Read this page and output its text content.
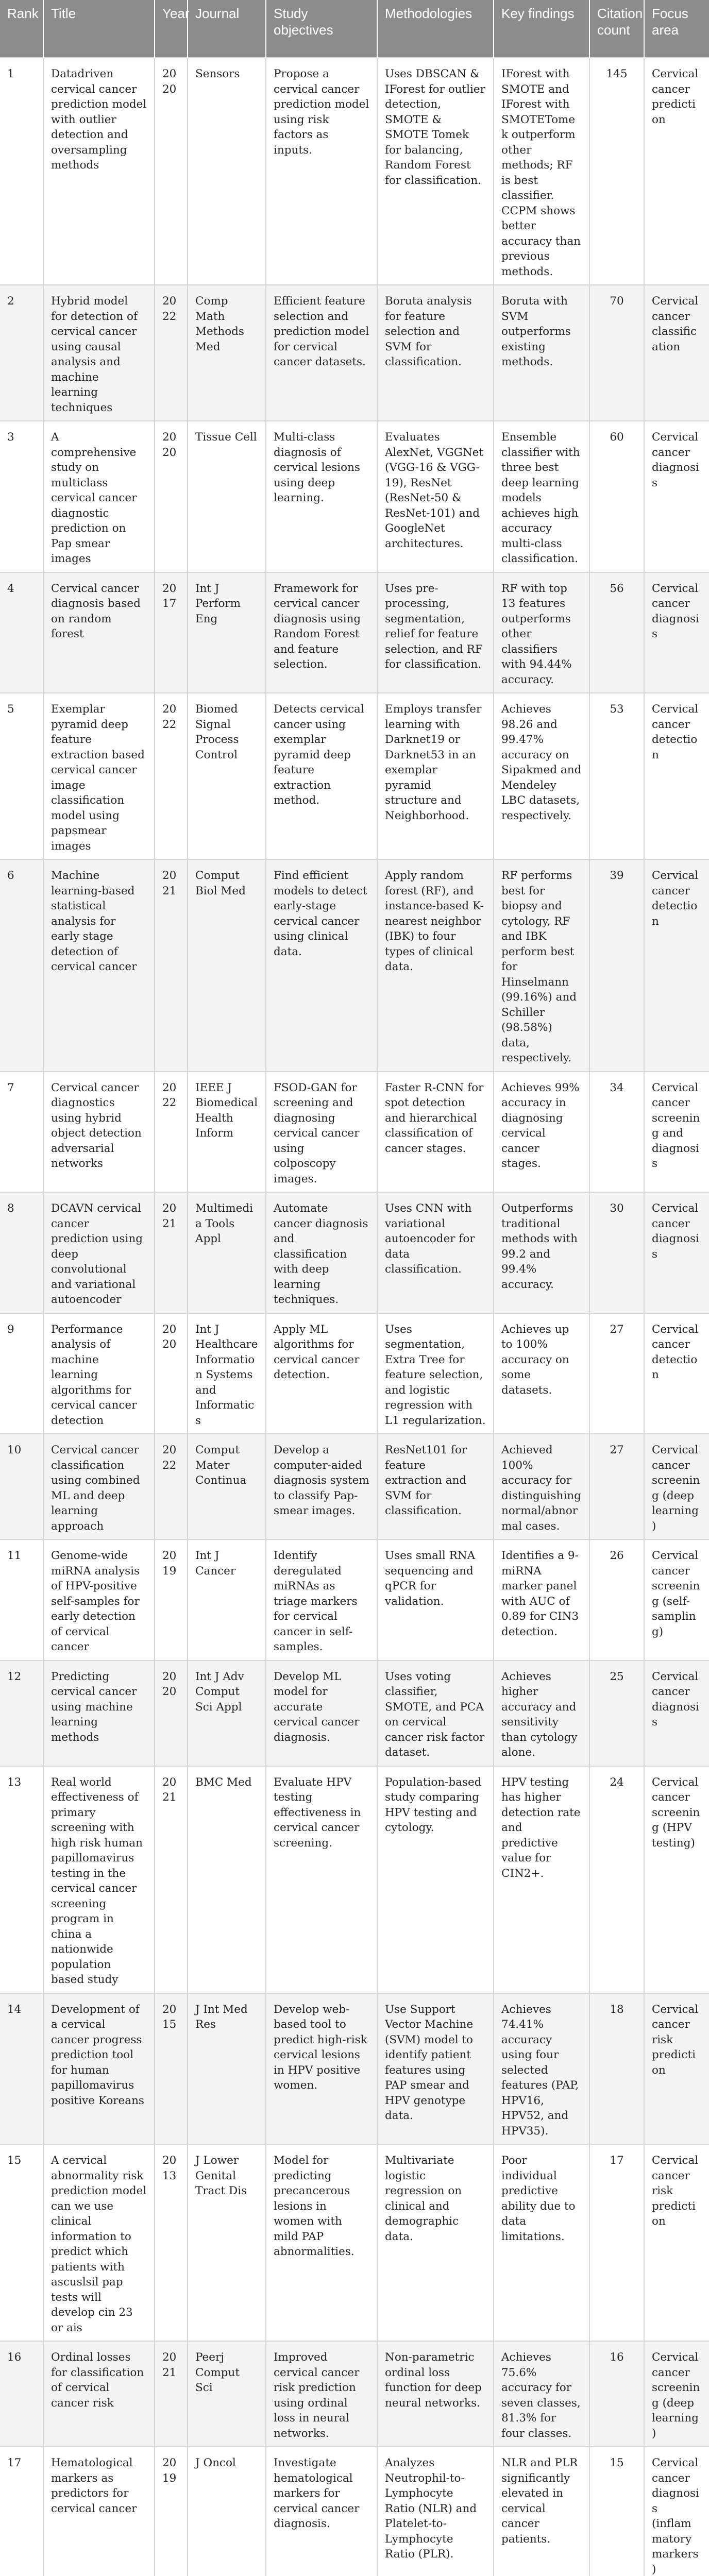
Rank	Title	Year	Journal	Study objectives	Methodologies	Key findings	Citation count	Focus area
1	Datadriven cervical cancer prediction model with outlier detection and oversampling methods	2020	Sensors	Propose a cervical cancer prediction model using risk factors as inputs.	Uses DBSCAN & IForest for outlier detection, SMOTE & SMOTE Tomek for balancing, Random Forest for classification.	IForest with SMOTE and IForest with SMOTETomek outperform other methods; RF is best classifier. CCPM shows better accuracy than previous methods.	145	Cervical cancer prediction
2	Hybrid model for detection of cervical cancer using causal analysis and machine learning techniques	2022	Comp Math Methods Med	Efficient feature selection and prediction model for cervical cancer datasets.	Boruta analysis for feature selection and SVM for classification.	Boruta with SVM outperforms existing methods.	70	Cervical cancer classification
3	A comprehensive study on multiclass cervical cancer diagnostic prediction on Pap smear images	2020	Tissue Cell	Multi-class diagnosis of cervical lesions using deep learning.	Evaluates AlexNet, VGGNet (VGG-16 & VGG-19), ResNet (ResNet-50 & ResNet-101) and GoogleNet architectures.	Ensemble classifier with three best deep learning models achieves high accuracy multi-class classification.	60	Cervical cancer diagnosis
4	Cervical cancer diagnosis based on random forest	2017	Int J Perform Eng	Framework for cervical cancer diagnosis using Random Forest and feature selection.	Uses pre-processing, segmentation, relief for feature selection, and RF for classification.	RF with top 13 features outperforms other classifiers with 94.44% accuracy.	56	Cervical cancer diagnosis
5	Exemplar pyramid deep feature extraction based cervical cancer image classification model using papsmear images	2022	Biomed Signal Process Control	Detects cervical cancer using exemplar pyramid deep feature extraction method.	Employs transfer learning with Darknet19 or Darknet53 in an exemplar pyramid structure and Neighborhood.	Achieves 98.26 and 99.47% accuracy on Sipakmed and Mendeley LBC datasets, respectively.	53	Cervical cancer detection
6	Machine learning-based statistical analysis for early stage detection of cervical cancer	2021	Comput Biol Med	Find efficient models to detect early-stage cervical cancer using clinical data.	Apply random forest (RF), and instance-based K-nearest neighbor (IBK) to four types of clinical data.	RF performs best for biopsy and cytology, RF and IBK perform best for Hinselmann (99.16%) and Schiller (98.58%) data, respectively.	39	Cervical cancer detection
7	Cervical cancer diagnostics using hybrid object detection adversarial networks	2022	IEEE J Biomedical Health Inform	FSOD-GAN for screening and diagnosing cervical cancer using colposcopy images.	Faster R-CNN for spot detection and hierarchical classification of cancer stages.	Achieves 99% accuracy in diagnosing cervical cancer stages.	34	Cervical cancer screening and diagnosis
8	DCAVN cervical cancer prediction using deep convolutional and variational autoencoder	2021	Multimedia Tools Appl	Automate cancer diagnosis and classification with deep learning techniques.	Uses CNN with variational autoencoder for data classification.	Outperforms traditional methods with 99.2 and 99.4% accuracy.	30	Cervical cancer diagnosis
9	Performance analysis of machine learning algorithms for cervical cancer detection	2020	Int J Healthcare Information Systems and Informatics	Apply ML algorithms for cervical cancer detection.	Uses segmentation, Extra Tree for feature selection, and logistic regression with L1 regularization.	Achieves up to 100% accuracy on some datasets.	27	Cervical cancer detection
10	Cervical cancer classification using combined ML and deep learning approach	2022	Comput Mater Continua	Develop a computer-aided diagnosis system to classify Pap-smear images.	ResNet101 for feature extraction and SVM for classification.	Achieved 100% accuracy for distinguishing normal/abnormal cases.	27	Cervical cancer screening (deep learning)
11	Genome-wide miRNA analysis of HPV-positive self-samples for early detection of cervical cancer	2019	Int J Cancer	Identify deregulated miRNAs as triage markers for cervical cancer in self-samples.	Uses small RNA sequencing and qPCR for validation.	Identifies a 9-miRNA marker panel with AUC of 0.89 for CIN3 detection.	26	Cervical cancer screening (self-sampling)
12	Predicting cervical cancer using machine learning methods	2020	Int J Adv Comput Sci Appl	Develop ML model for accurate cervical cancer diagnosis.	Uses voting classifier, SMOTE, and PCA on cervical cancer risk factor dataset.	Achieves higher accuracy and sensitivity than cytology alone.	25	Cervical cancer diagnosis
13	Real world effectiveness of primary screening with high risk human papillomavirus testing in the cervical cancer screening program in china a nationwide population based study	2021	BMC Med	Evaluate HPV testing effectiveness in cervical cancer screening.	Population-based study comparing HPV testing and cytology.	HPV testing has higher detection rate and predictive value for CIN2+.	24	Cervical cancer screening (HPV testing)
14	Development of a cervical cancer progress prediction tool for human papillomavirus positive Koreans	2015	J Int Med Res	Develop web-based tool to predict high-risk cervical lesions in HPV positive women.	Use Support Vector Machine (SVM) model to identify patient features using PAP smear and HPV genotype data.	Achieves 74.41% accuracy using four selected features (PAP, HPV16, HPV52, and HPV35).	18	Cervical cancer risk prediction
15	A cervical abnormality risk prediction model can we use clinical information to predict which patients with ascuslsil pap tests will develop cin 23 or ais	2013	J Lower Genital Tract Dis	Model for predicting precancerous lesions in women with mild PAP abnormalities.	Multivariate logistic regression on clinical and demographic data.	Poor individual predictive ability due to data limitations.	17	Cervical cancer risk prediction
16	Ordinal losses for classification of cervical cancer risk	2021	Peerj Comput Sci	Improved cervical cancer risk prediction using ordinal loss in neural networks.	Non-parametric ordinal loss function for deep neural networks.	Achieves 75.6% accuracy for seven classes, 81.3% for four classes.	16	Cervical cancer screening (deep learning)
17	Hematological markers as predictors for cervical cancer	2019	J Oncol	Investigate hematological markers for cervical cancer diagnosis.	Analyzes Neutrophil-to-Lymphocyte Ratio (NLR) and Platelet-to-Lymphocyte Ratio (PLR).	NLR and PLR significantly elevated in cervical cancer patients.	15	Cervical cancer diagnosis (inflammatory markers)
